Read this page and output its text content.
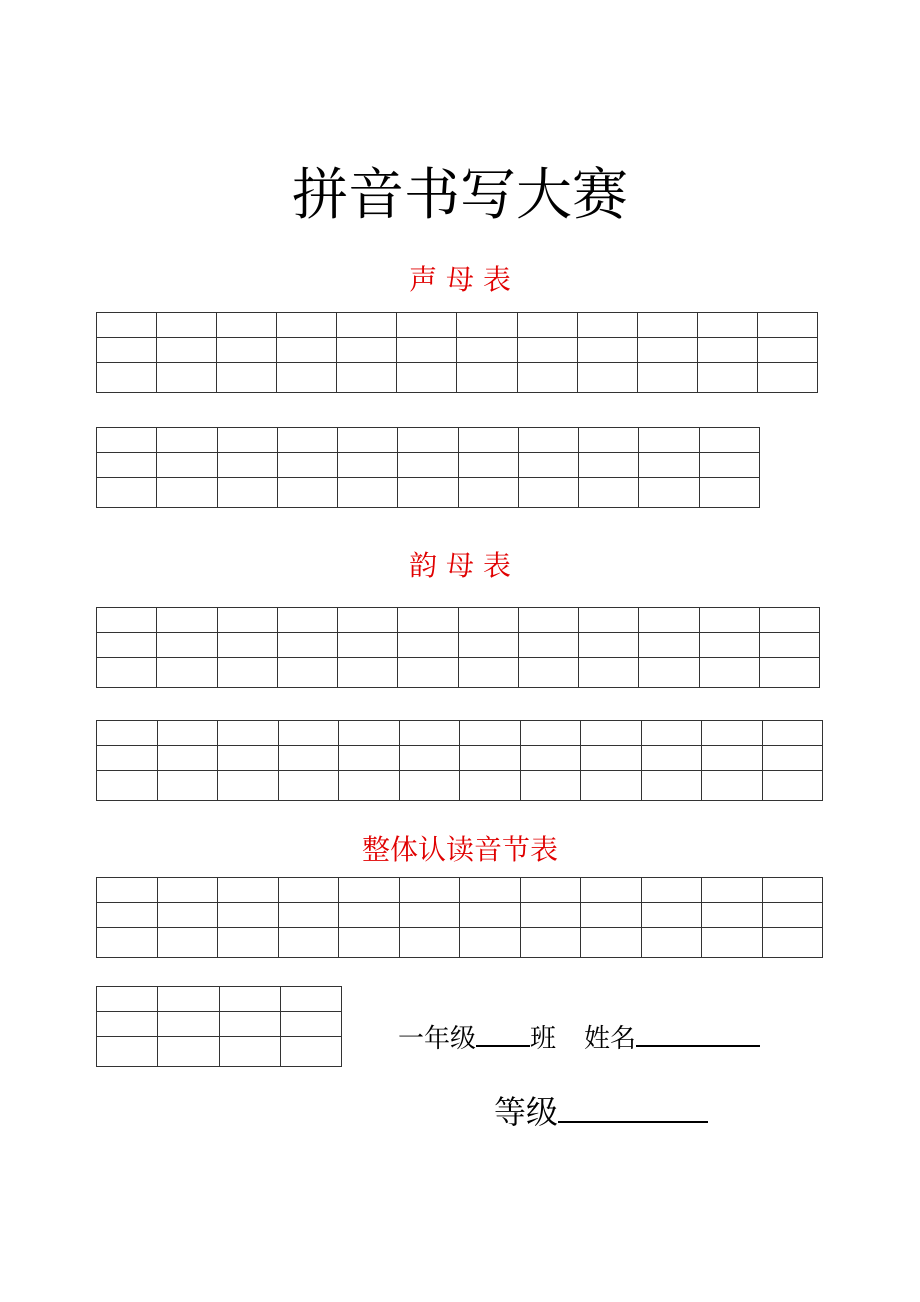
拼音书写大赛
声 母 表
韵 母 表
整体认读音节表

一年级 班 姓名
等级
